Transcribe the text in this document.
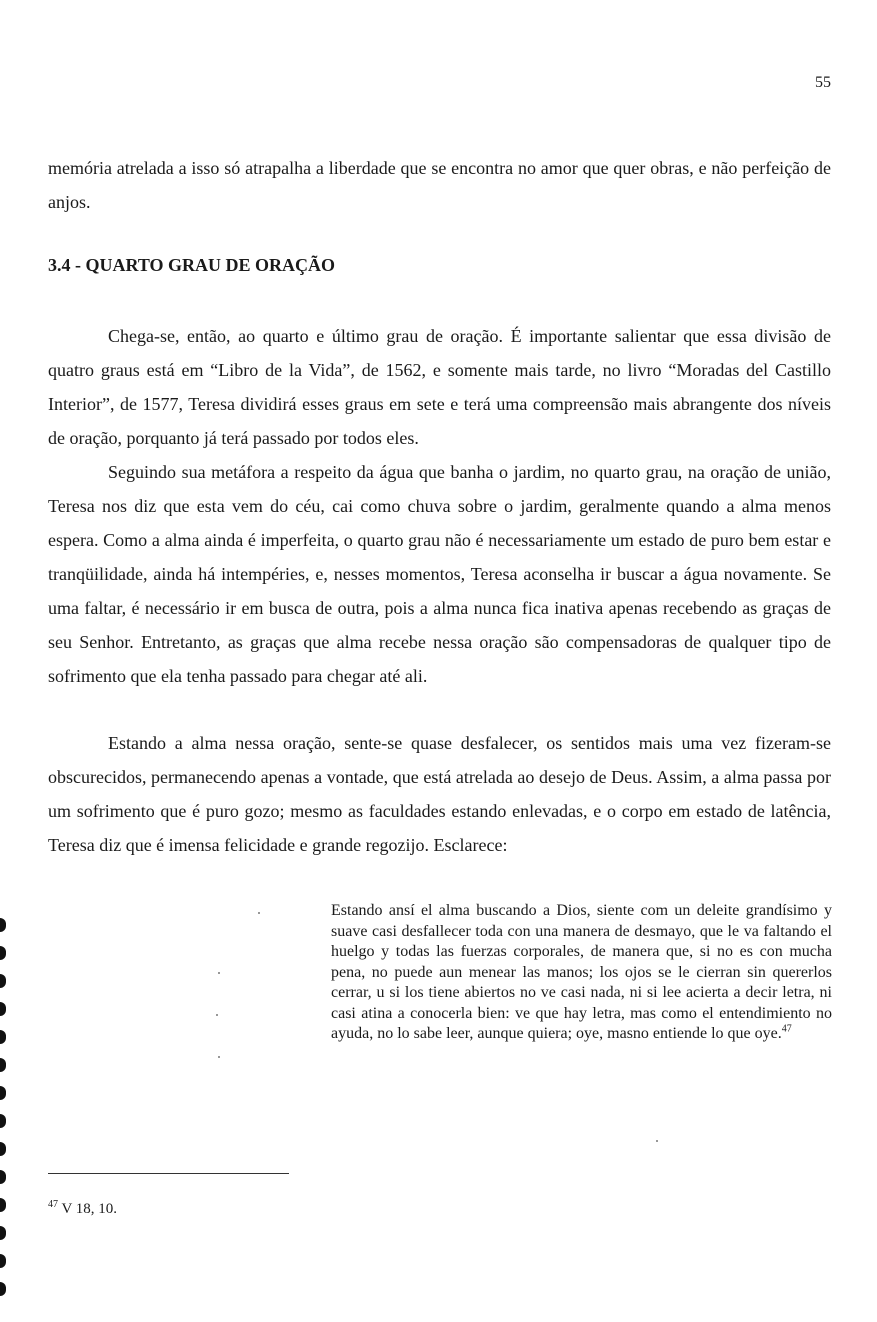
55

memória atrelada a isso só atrapalha a liberdade que se encontra no amor que quer obras, e não perfeição de anjos.

3.4 - QUARTO GRAU DE ORAÇÃO

Chega-se, então, ao quarto e último grau de oração. É importante salientar que essa divisão de quatro graus está em “Libro de la Vida”, de 1562, e somente mais tarde, no livro “Moradas del Castillo Interior”, de 1577, Teresa dividirá esses graus em sete e terá uma compreensão mais abrangente dos níveis de oração, porquanto já terá passado por todos eles.

Seguindo sua metáfora a respeito da água que banha o jardim, no quarto grau, na oração de união, Teresa nos diz que esta vem do céu, cai como chuva sobre o jardim, geralmente quando a alma menos espera. Como a alma ainda é imperfeita, o quarto grau não é necessariamente um estado de puro bem estar e tranqüilidade, ainda há intempéries, e, nesses momentos, Teresa aconselha ir buscar a água novamente. Se uma faltar, é necessário ir em busca de outra, pois a alma nunca fica inativa apenas recebendo as graças de seu Senhor. Entretanto, as graças que alma recebe nessa oração são compensadoras de qualquer tipo de sofrimento que ela tenha passado para chegar até ali.

Estando a alma nessa oração, sente-se quase desfalecer, os sentidos mais uma vez fizeram-se obscurecidos, permanecendo apenas a vontade, que está atrelada ao desejo de Deus. Assim, a alma passa por um sofrimento que é puro gozo; mesmo as faculdades estando enlevadas, e o corpo em estado de latência, Teresa diz que é imensa felicidade e grande regozijo. Esclarece:

Estando ansí el alma buscando a Dios, siente com un deleite grandísimo y suave casi desfallecer toda con una manera de desmayo, que le va faltando el huelgo y todas las fuerzas corporales, de manera que, si no es con mucha pena, no puede aun menear las manos; los ojos se le cierran sin quererlos cerrar, u si los tiene abiertos no ve casi nada, ni si lee acierta a decir letra, ni casi atina a conocerla bien: ve que hay letra, mas como el entendimiento no ayuda, no lo sabe leer, aunque quiera; oye, masno entiende lo que oye.$^{47}$

$^{47}$ V 18, 10.
